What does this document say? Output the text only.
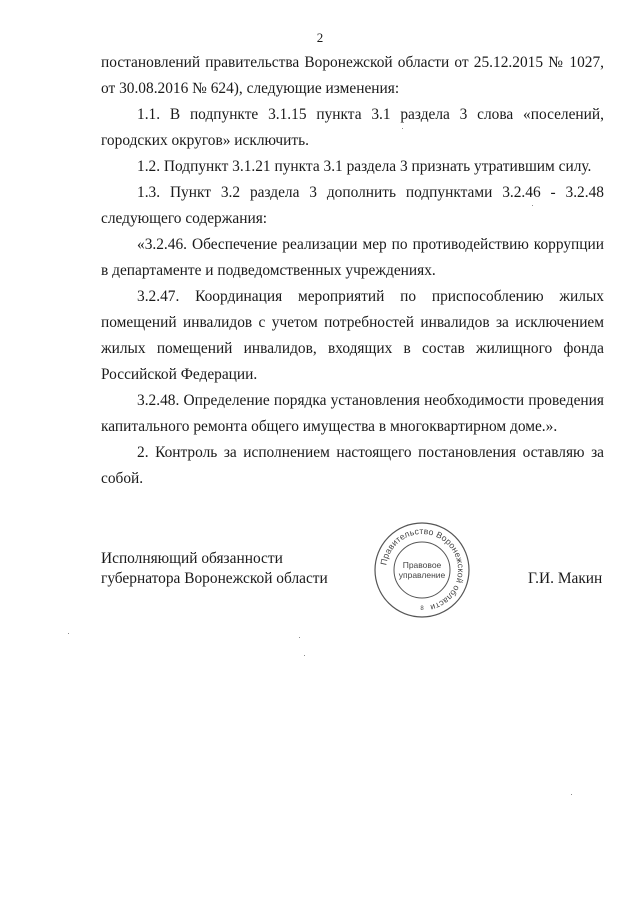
2

постановлений правительства Воронежской области от 25.12.2015 № 1027, от 30.08.2016 № 624), следующие изменения:

1.1. В подпункте 3.1.15 пункта 3.1 раздела 3 слова «поселений, городских округов» исключить.

1.2. Подпункт 3.1.21 пункта 3.1 раздела 3 признать утратившим силу.

1.3. Пункт 3.2 раздела 3 дополнить подпунктами 3.2.46 - 3.2.48 следующего содержания:

«3.2.46. Обеспечение реализации мер по противодействию коррупции в департаменте и подведомственных учреждениях.

3.2.47. Координация мероприятий по приспособлению жилых помещений инвалидов с учетом потребностей инвалидов за исключением жилых помещений инвалидов, входящих в состав жилищного фонда Российской Федерации.

3.2.48. Определение порядка установления необходимости проведения капитального ремонта общего имущества в многоквартирном доме.».

2. Контроль за исполнением настоящего постановления оставляю за собой.

Исполняющий обязанности
губернатора Воронежской области	Г.И. Макин
Правительство Воронежской области
Правовое
управление
8
